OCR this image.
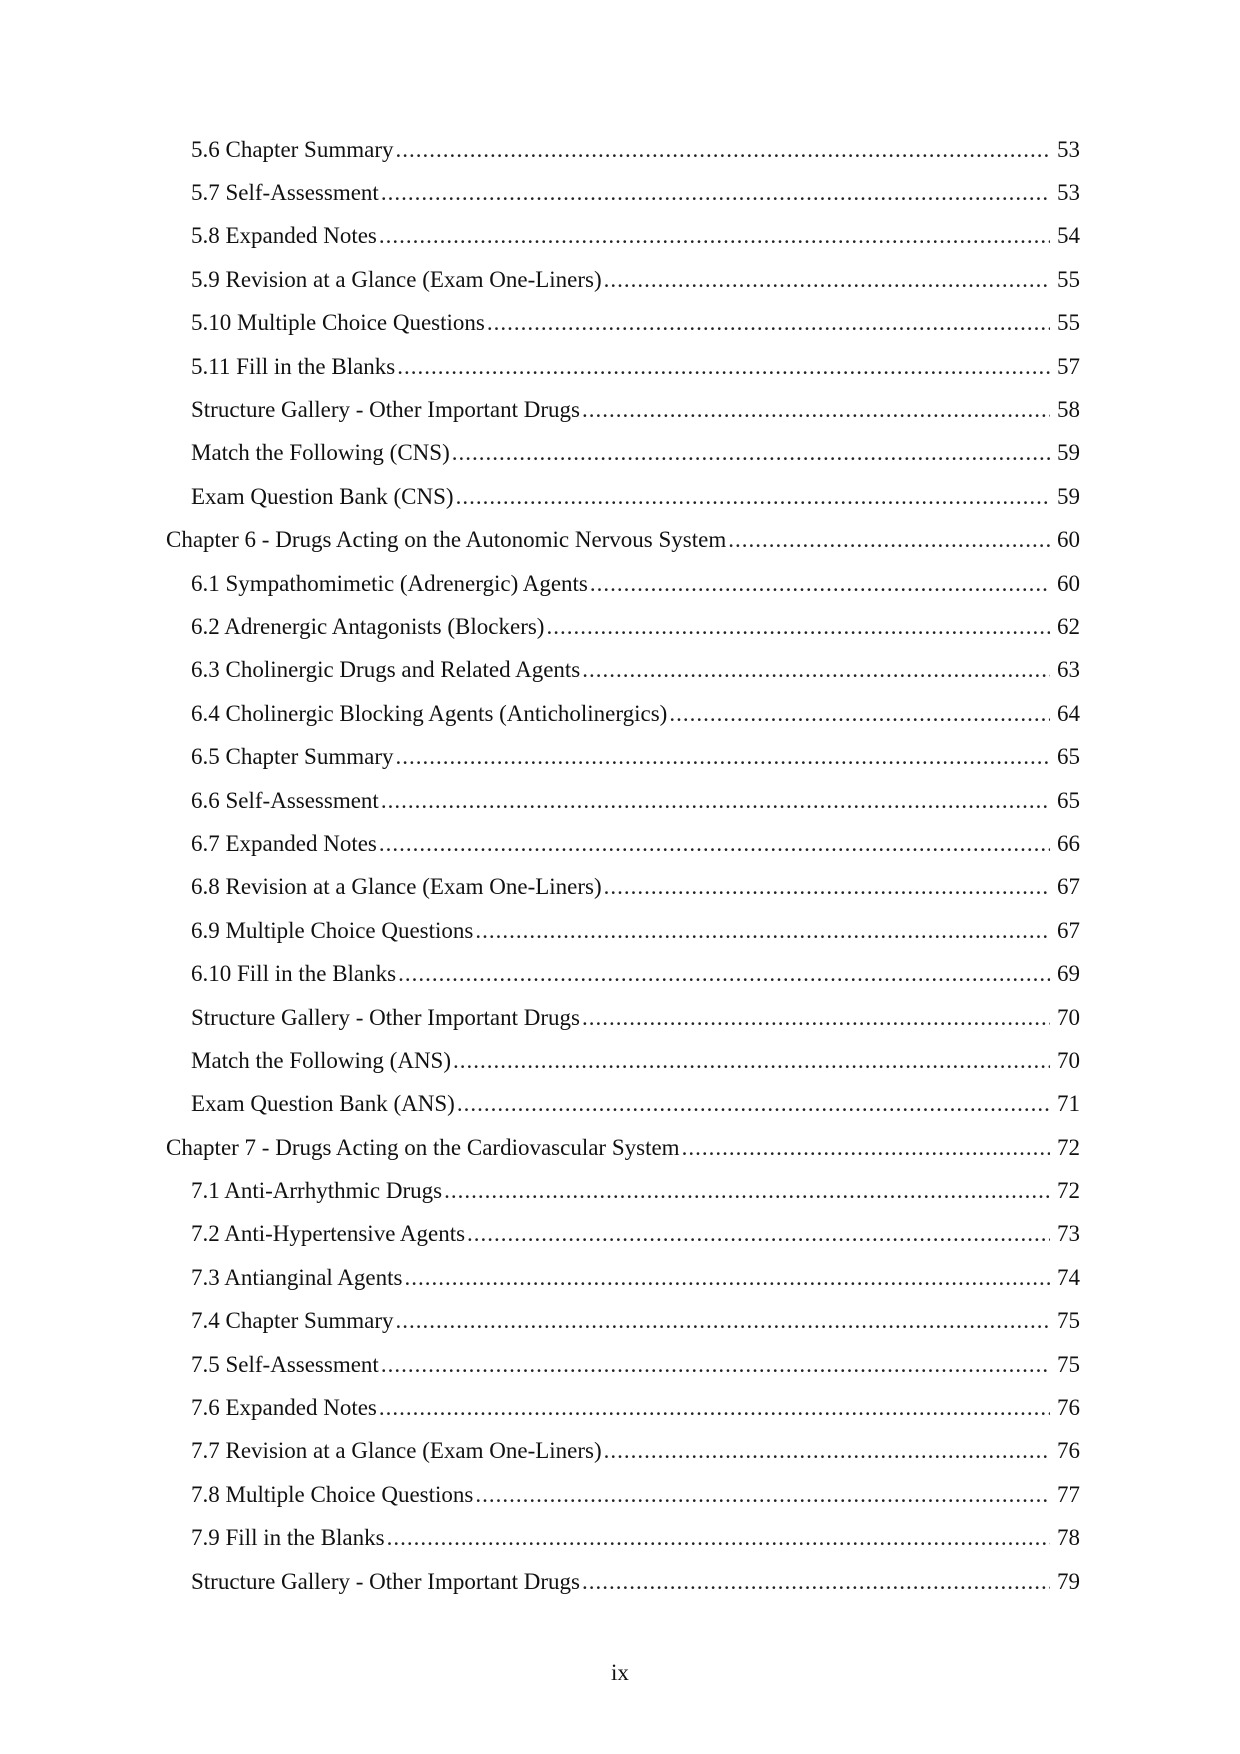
5.6 Chapter Summary .....	53
5.7 Self-Assessment .....	53
5.8 Expanded Notes .....	54
5.9 Revision at a Glance (Exam One-Liners) .....	55
5.10 Multiple Choice Questions .....	55
5.11 Fill in the Blanks .....	57
Structure Gallery - Other Important Drugs .....	58
Match the Following (CNS) .....	59
Exam Question Bank (CNS) .....	59
Chapter 6 - Drugs Acting on the Autonomic Nervous System .....	60
6.1 Sympathomimetic (Adrenergic) Agents .....	60
6.2 Adrenergic Antagonists (Blockers) .....	62
6.3 Cholinergic Drugs and Related Agents .....	63
6.4 Cholinergic Blocking Agents (Anticholinergics) .....	64
6.5 Chapter Summary .....	65
6.6 Self-Assessment .....	65
6.7 Expanded Notes .....	66
6.8 Revision at a Glance (Exam One-Liners) .....	67
6.9 Multiple Choice Questions .....	67
6.10 Fill in the Blanks .....	69
Structure Gallery - Other Important Drugs .....	70
Match the Following (ANS) .....	70
Exam Question Bank (ANS) .....	71
Chapter 7 - Drugs Acting on the Cardiovascular System .....	72
7.1 Anti-Arrhythmic Drugs .....	72
7.2 Anti-Hypertensive Agents .....	73
7.3 Antianginal Agents .....	74
7.4 Chapter Summary .....	75
7.5 Self-Assessment .....	75
7.6 Expanded Notes .....	76
7.7 Revision at a Glance (Exam One-Liners) .....	76
7.8 Multiple Choice Questions .....	77
7.9 Fill in the Blanks .....	78
Structure Gallery - Other Important Drugs .....	79
ix
